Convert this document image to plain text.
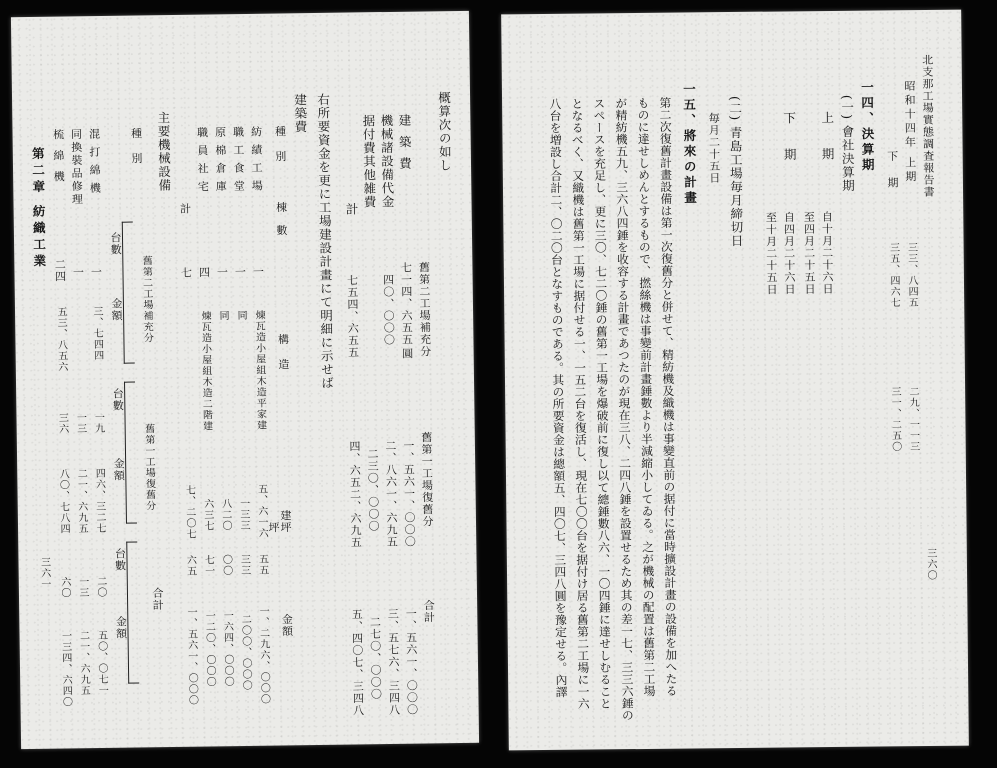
概算次の如し
舊第二工場補充分
圓
舊第一工場復舊分
合計
建築費
七一四、六五五
一、五六一、〇〇〇
一、五六一、〇〇〇
機械諸設備代金
四〇、〇〇〇
二、八六一、六九五
三、五七六、三四八
据付費其他雑費
二三〇、〇〇〇
二七〇、〇〇〇
計
七五四、六五五
四、六五二、六九五
五、四〇七、三四八
右所要資金を更に工場建設計畫にて明細に示せば
建築費
種別
棟數
構造
建坪
坪
金額
紡績工場
一
煉瓦造小屋組木造平家建
五、六一六
五五
一、二九六、〇〇〇
職工食堂
一
同
一三三
三三
二〇〇、〇〇〇
原棉倉庫
一
同
八二〇
〇〇
一六四、〇〇〇
職員社宅
四
煉瓦造小屋組木造二階建
六三七
七一
一二〇、〇〇〇
計
七
七、二〇七
六五
一、五六一、〇〇〇
主要機械設備
種別
舊第二工場補充分
舊第一工場復舊分
合計
台數
金額
台數
金額
台數
金額
混打綿機
一
三、七四四
一九
四六、三二七
二〇
五〇、〇七一
同換裝品修理
一
一三
二一、六九五
一三
二一、六九五
梳綿機
二四
五三、八五六
三六
八〇、七八四
六〇
一三四、六四〇
第二章 紡織工業
三六一
北支那工場實態調査報告書
昭和十四年 上期
三三、八四五
二九、一一三
下 期
三五、四六七
三一、二五〇
一四、決算期
(一) 會社決算期
上 期
自十月二十六日
至四月二十五日
下 期
自四月二十六日
至十月二十五日
(二) 青島工場毎月締切日
毎月二十五日
一五、將來の計畫
第二次復舊計畫設備は第一次復舊分と併せて、精紡機及織機は事變直前の据付に當時擴設計畫の設備を加へたる
ものに達せしめんとするもので、撚絲機は事變前計畫錘數より半減縮小してゐる。之が機械の配置は舊第二工場
が精紡機五九、三六八四錘を收容する計畫であつたのが現在三八、二四八錘を設置せるため其の差一七、三三六錘の
スペースを充足し、更に三〇、七二〇錘の舊第一工場を爆破前に復し以て總錘數八六、一〇四錘に達せしむること
となるべく、又織機は舊第一工場に据付せる一、一五二台を復活し、現在七〇〇台を据付け居る舊第二工場に一六
八台を増設し合計二、〇二〇台となすものである。其の所要資金は總額五、四〇七、三四八圓を豫定せる。內譯	三六〇
